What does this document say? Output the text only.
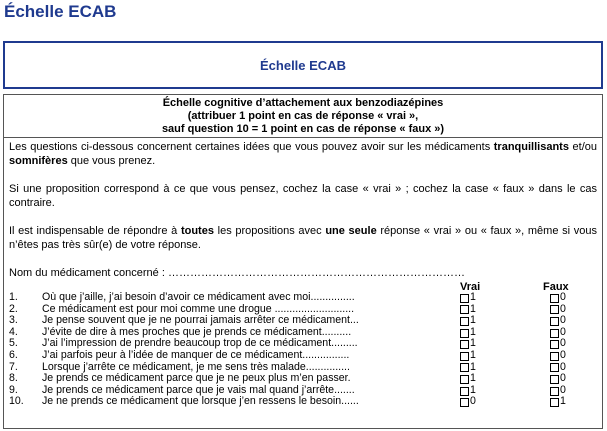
Échelle ECAB
Échelle ECAB
Échelle cognitive d’attachement aux benzodiazépines
(attribuer 1 point en cas de réponse « vrai »,
sauf question 10 = 1 point en cas de réponse « faux »)

Les questions ci-dessous concernent certaines idées que vous pouvez avoir sur les médicaments tranquillisants et/ou somnifères que vous prenez.

Si une proposition correspond à ce que vous pensez, cochez la case « vrai » ; cochez la case « faux » dans le cas contraire.

Il est indispensable de répondre à toutes les propositions avec une seule réponse « vrai » ou « faux », même si vous n’êtes pas très sûr(e) de votre réponse.

Nom du médicament concerné : ………………………………………………………………………

Vrai	Faux
1. Où que j’aille, j’ai besoin d’avoir ce médicament avec moi...............	1	0
2. Ce médicament est pour moi comme une drogue ...........................	1	0
3. Je pense souvent que je ne pourrai jamais arrêter ce médicament...	1	0
4. J’évite de dire à mes proches que je prends ce médicament..........	1	0
5. J’ai l’impression de prendre beaucoup trop de ce médicament.........	1	0
6. J’ai parfois peur à l’idée de manquer de ce médicament................	1	0
7. Lorsque j’arrête ce médicament, je me sens très malade...............	1	0
8. Je prends ce médicament parce que je ne peux plus m’en passer.	1	0
9. Je prends ce médicament parce que je vais mal quand j’arrête.......	1	0
10. Je ne prends ce médicament que lorsque j’en ressens le besoin......	0	1
